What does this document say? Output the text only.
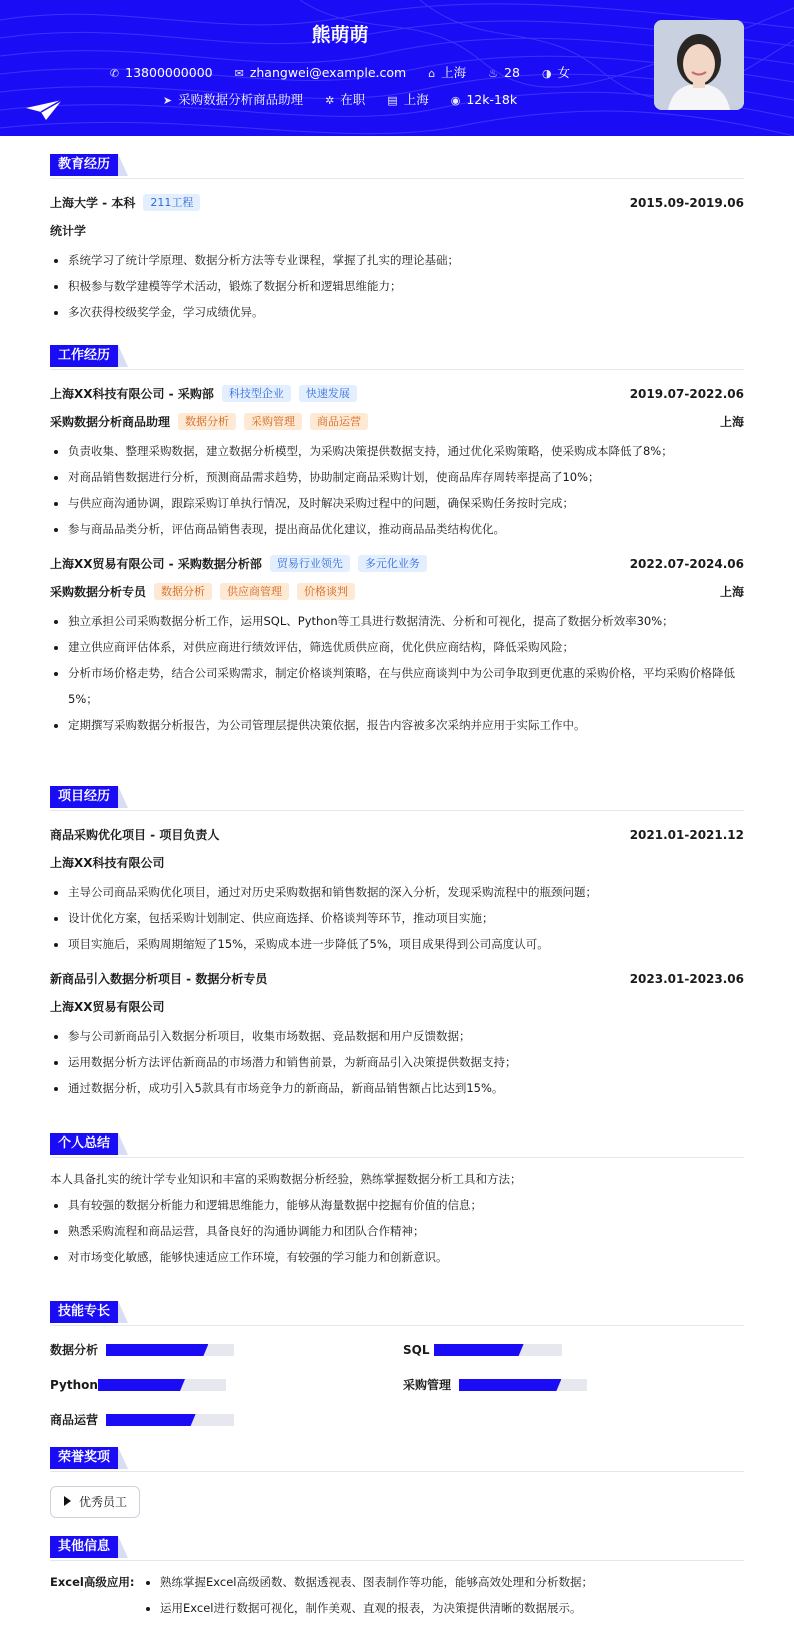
熊萌萌
✆ 13800000000 ✉ zhangwei@example.com ⌂ 上海 ♨ 28 ◑ 女
➤ 采购数据分析商品助理 ✲ 在职 ▤ 上海 ◉ 12k-18k
教育经历
上海大学 - 本科 211工程	2015.09-2019.06
统计学
• 系统学习了统计学原理、数据分析方法等专业课程，掌握了扎实的理论基础；
• 积极参与数学建模等学术活动，锻炼了数据分析和逻辑思维能力；
• 多次获得校级奖学金，学习成绩优异。
工作经历
上海XX科技有限公司 - 采购部 科技型企业 快速发展	2019.07-2022.06
采购数据分析商品助理 数据分析 采购管理 商品运营	上海
• 负责收集、整理采购数据，建立数据分析模型，为采购决策提供数据支持，通过优化采购策略，使采购成本降低了8%；
• 对商品销售数据进行分析，预测商品需求趋势，协助制定商品采购计划，使商品库存周转率提高了10%；
• 与供应商沟通协调，跟踪采购订单执行情况，及时解决采购过程中的问题，确保采购任务按时完成；
• 参与商品品类分析，评估商品销售表现，提出商品优化建议，推动商品品类结构优化。
上海XX贸易有限公司 - 采购数据分析部 贸易行业领先 多元化业务	2022.07-2024.06
采购数据分析专员 数据分析 供应商管理 价格谈判	上海
• 独立承担公司采购数据分析工作，运用SQL、Python等工具进行数据清洗、分析和可视化，提高了数据分析效率30%；
• 建立供应商评估体系，对供应商进行绩效评估，筛选优质供应商，优化供应商结构，降低采购风险；
• 分析市场价格走势，结合公司采购需求，制定价格谈判策略，在与供应商谈判中为公司争取到更优惠的采购价格，平均采购价格降低5%；
• 定期撰写采购数据分析报告，为公司管理层提供决策依据，报告内容被多次采纳并应用于实际工作中。
项目经历
商品采购优化项目 - 项目负责人	2021.01-2021.12
上海XX科技有限公司
• 主导公司商品采购优化项目，通过对历史采购数据和销售数据的深入分析，发现采购流程中的瓶颈问题；
• 设计优化方案，包括采购计划制定、供应商选择、价格谈判等环节，推动项目实施；
• 项目实施后，采购周期缩短了15%，采购成本进一步降低了5%，项目成果得到公司高度认可。
新商品引入数据分析项目 - 数据分析专员	2023.01-2023.06
上海XX贸易有限公司
• 参与公司新商品引入数据分析项目，收集市场数据、竞品数据和用户反馈数据；
• 运用数据分析方法评估新商品的市场潜力和销售前景，为新商品引入决策提供数据支持；
• 通过数据分析，成功引入5款具有市场竞争力的新商品，新商品销售额占比达到15%。
个人总结
本人具备扎实的统计学专业知识和丰富的采购数据分析经验，熟练掌握数据分析工具和方法；
• 具有较强的数据分析能力和逻辑思维能力，能够从海量数据中挖掘有价值的信息；
• 熟悉采购流程和商品运营，具备良好的沟通协调能力和团队合作精神；
• 对市场变化敏感，能够快速适应工作环境，有较强的学习能力和创新意识。
技能专长
数据分析	SQL
Python	采购管理
商品运营
荣誉奖项
优秀员工
其他信息
Excel高级应用:
• 熟练掌握Excel高级函数、数据透视表、图表制作等功能，能够高效处理和分析数据；
• 运用Excel进行数据可视化，制作美观、直观的报表，为决策提供清晰的数据展示。
